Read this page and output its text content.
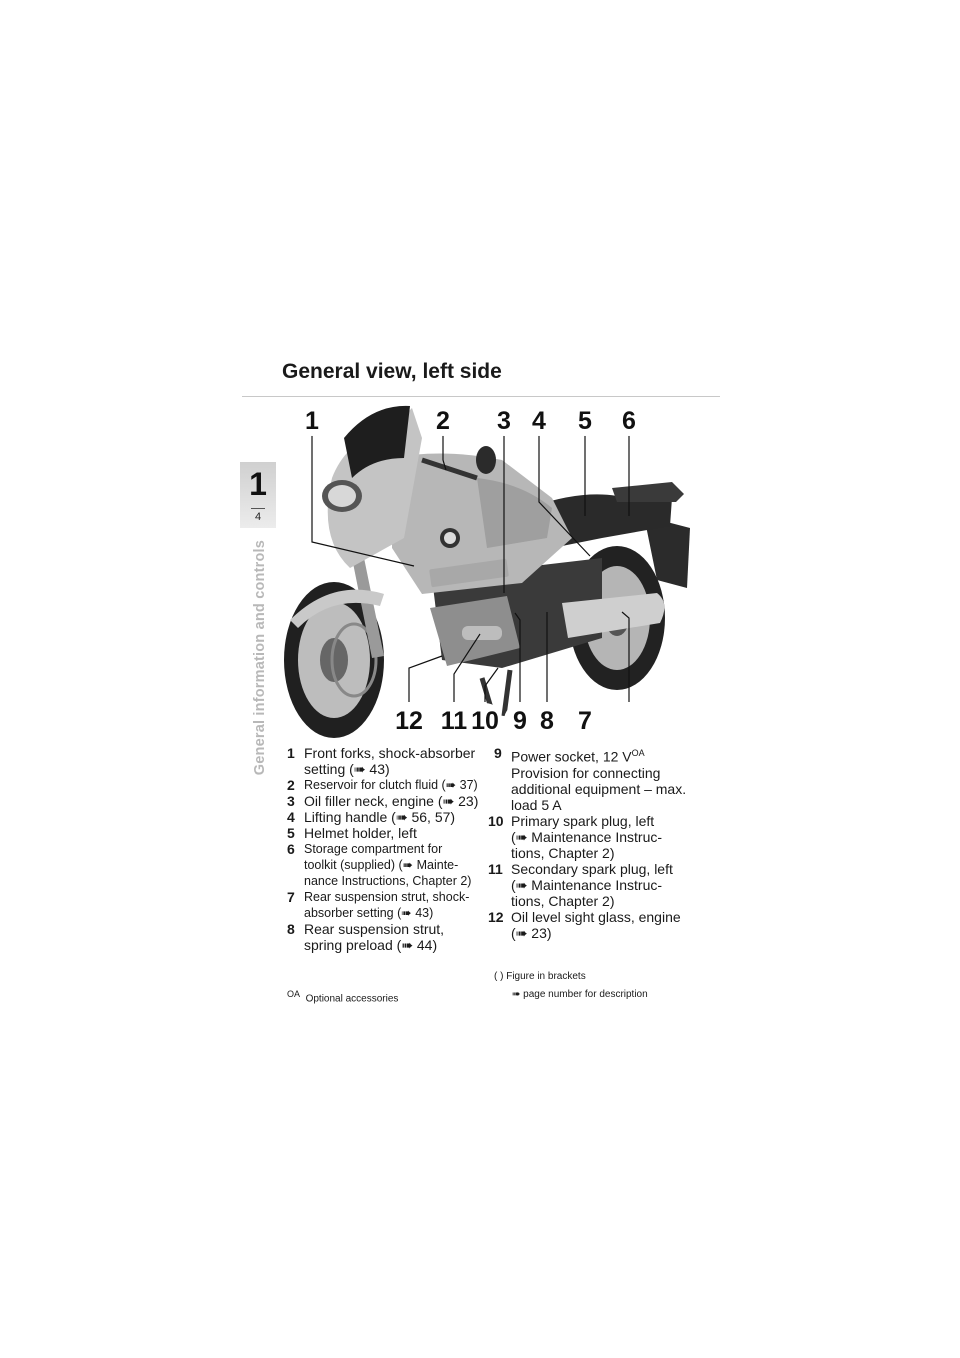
General view, left side
1
4
General information and controls
1	2 3 4 5 6
12 11 10 9 8 7
1 Front forks, shock-absorber
setting (➠ 43)
2 Reservoir for clutch fluid (➠ 37)
3 Oil filler neck, engine (➠ 23)
4 Lifting handle (➠ 56, 57)
5 Helmet holder, left
6 Storage compartment for
toolkit (supplied) (➠ Mainte-
nance Instructions, Chapter 2)
7 Rear suspension strut, shock-
absorber setting (➠ 43)
8 Rear suspension strut,
spring preload (➠ 44)
9 Power socket, 12 $V^{OA}$
Provision for connecting
additional equipment – max.
load 5 A
10 Primary spark plug, left
(➠ Maintenance Instruc-
tions, Chapter 2)
11 Secondary spark plug, left
(➠ Maintenance Instruc-
tions, Chapter 2)
12 Oil level sight glass, engine
(➠ 23)
( ) Figure in brackets
$^{OA}$ Optional accessories	➠ page number for description
